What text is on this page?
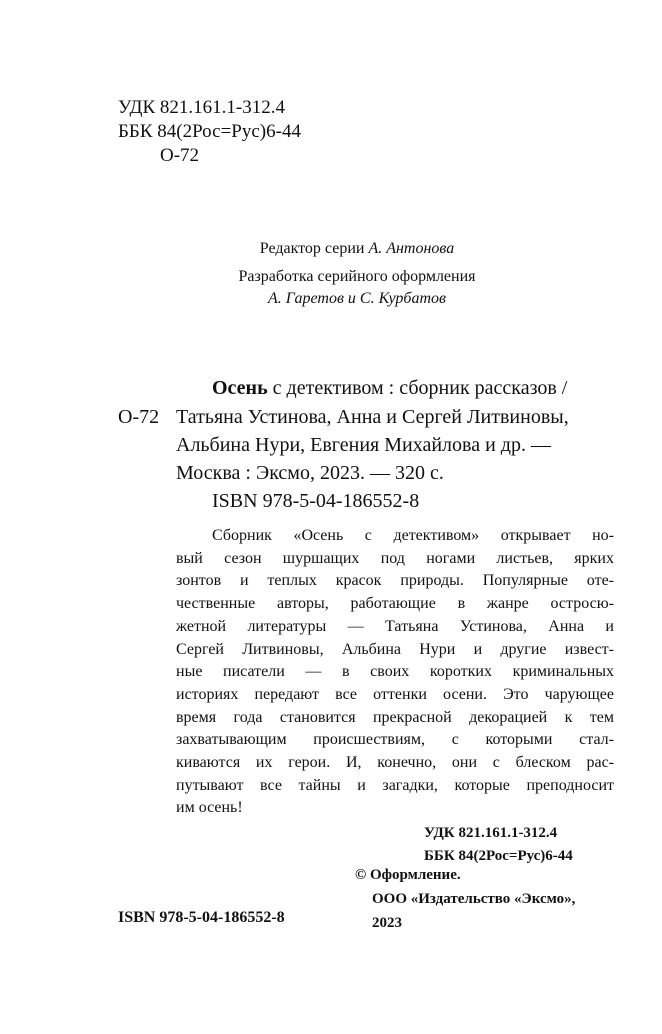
УДК 821.161.1-312.4
ББК 84(2Рос=Рус)6-44
О-72
Редактор серии А. Антонова
Разработка серийного оформления
А. Гаретов и С. Курбатов
Осень с детективом : сборник рассказов /
О-72 Татьяна Устинова, Анна и Сергей Литвиновы,
Альбина Нури, Евгения Михайлова и др. —
Москва : Эксмо, 2023. — 320 с.
ISBN 978-5-04-186552-8
Сборник «Осень с детективом» открывает но-
вый сезон шуршащих под ногами листьев, ярких
зонтов и теплых красок природы. Популярные оте-
чественные авторы, работающие в жанре остросю-
жетной литературы — Татьяна Устинова, Анна и
Сергей Литвиновы, Альбина Нури и другие извест-
ные писатели — в своих коротких криминальных
историях передают все оттенки осени. Это чарующее
время года становится прекрасной декорацией к тем
захватывающим происшествиям, с которыми стал-
киваются их герои. И, конечно, они с блеском рас-
путывают все тайны и загадки, которые преподносит
им осень!
УДК 821.161.1-312.4
ББК 84(2Рос=Рус)6-44
© Оформление.
ООО «Издательство «Эксмо»,
2023
ISBN 978-5-04-186552-8
